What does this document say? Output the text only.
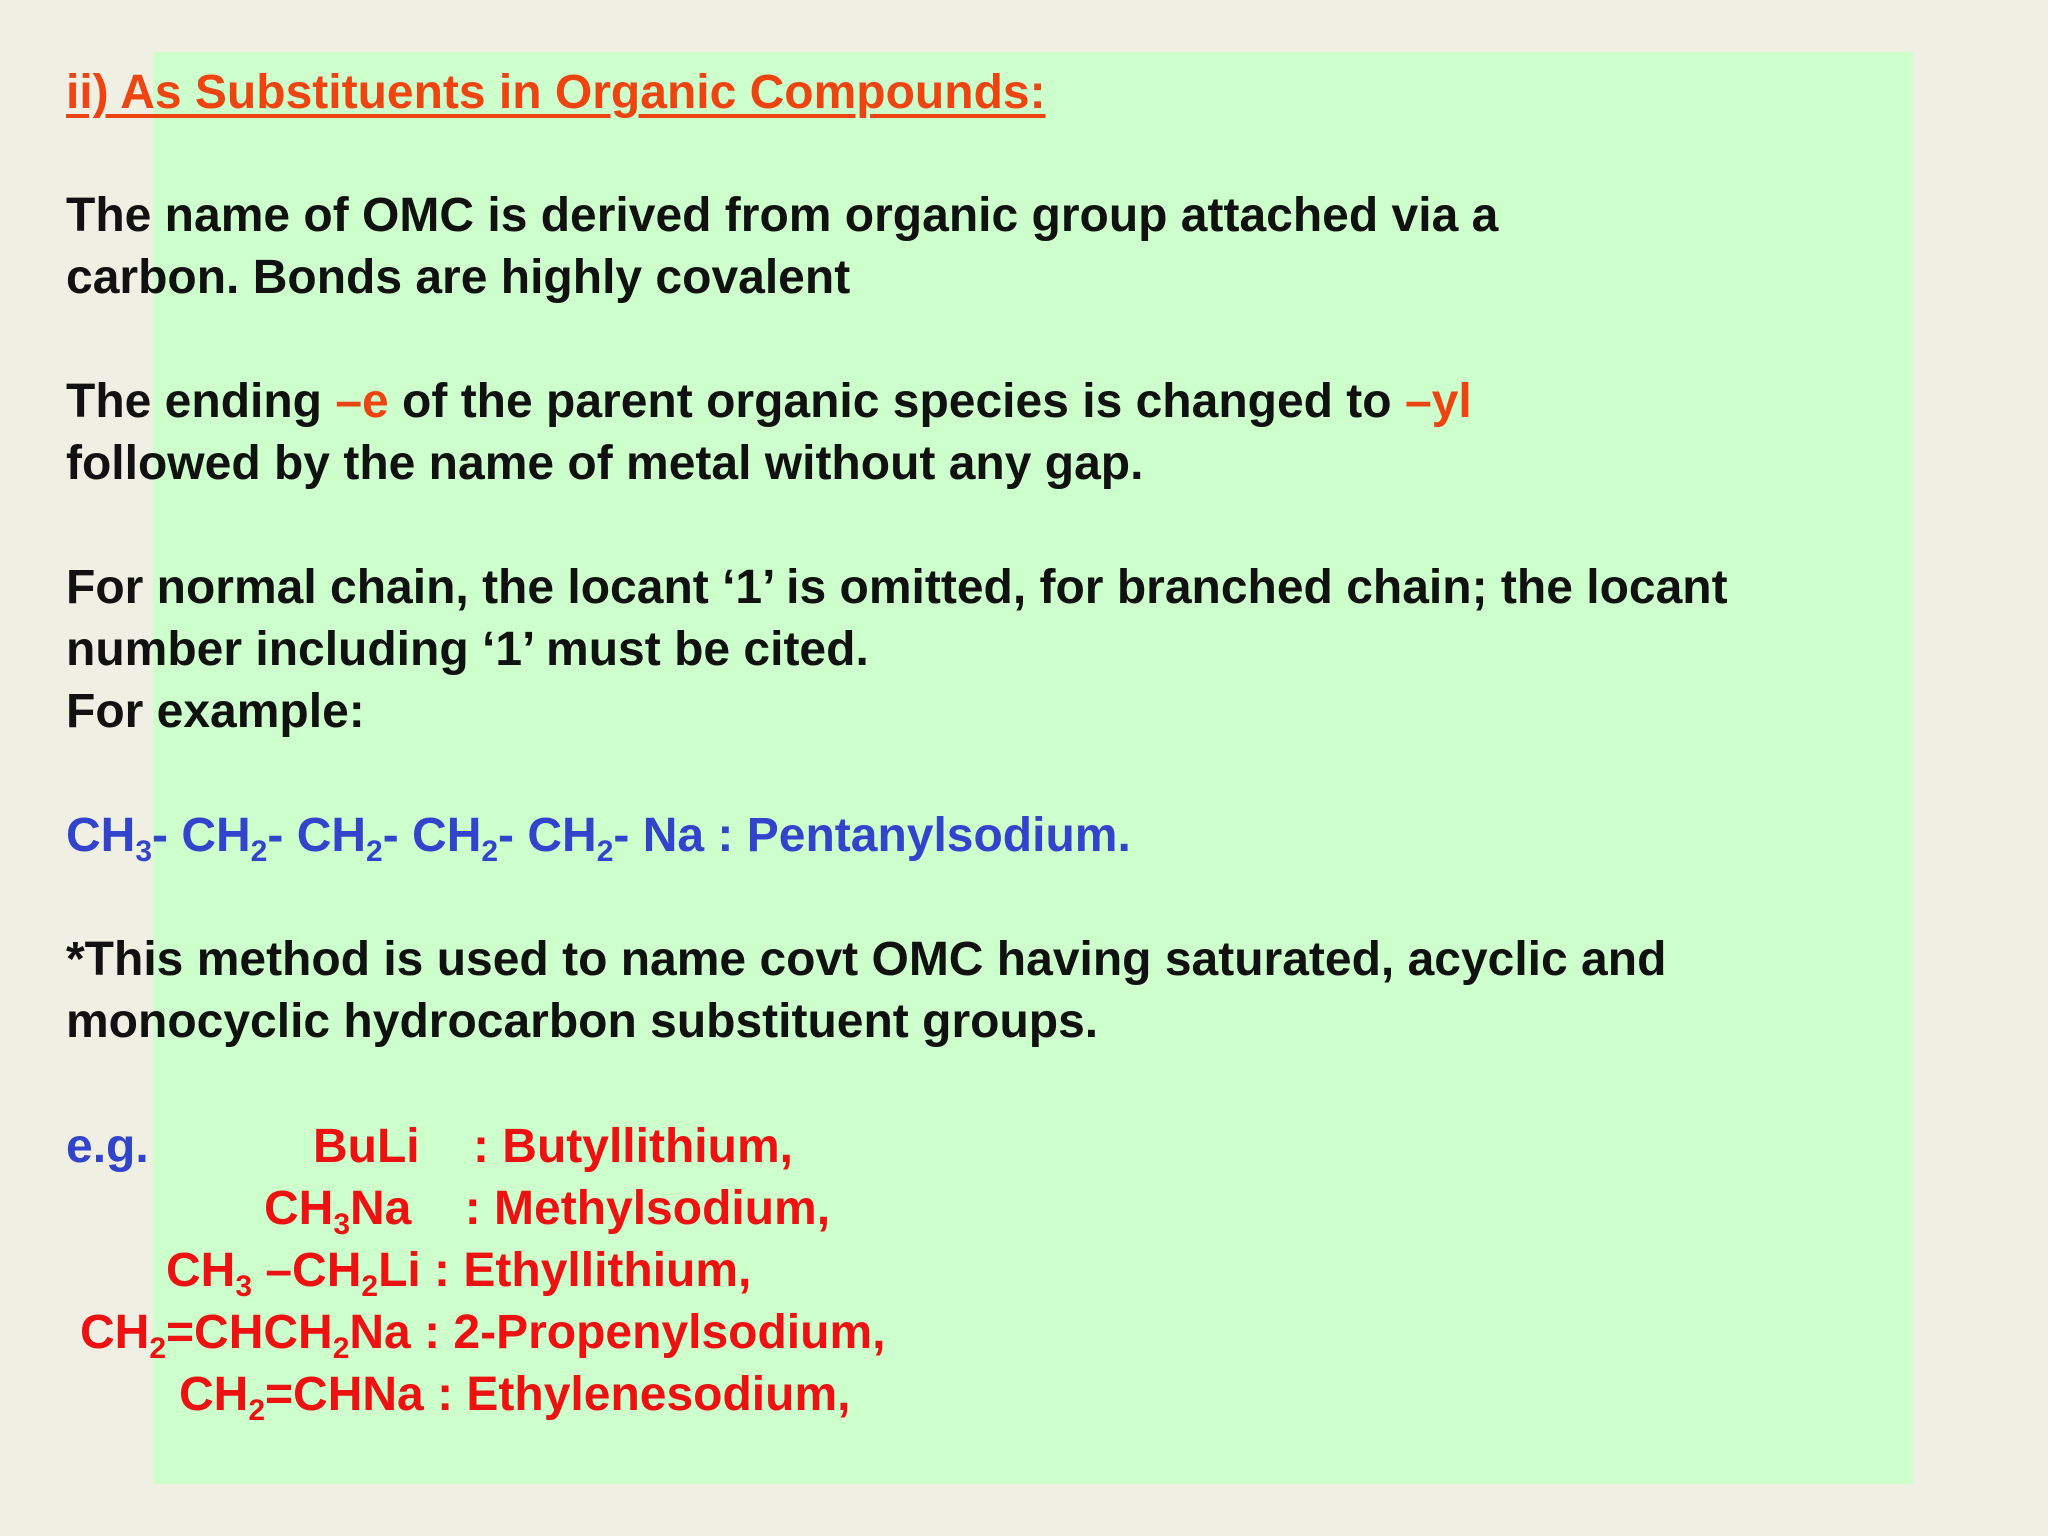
ii) As Substituents in Organic Compounds:
The name of OMC is derived from organic group attached via a
carbon. Bonds are highly covalent
The ending –e of the parent organic species is changed to –yl
followed by the name of metal without any gap.
For normal chain, the locant ‘1’ is omitted, for branched chain; the locant
number including ‘1’ must be cited.
For example:
$CH_3-$ $CH_2-$ $CH_2-$ $CH_2-$ $CH_2-$ Na : Pentanylsodium.
*This method is used to name covt OMC having saturated, acyclic and
monocyclic hydrocarbon substituent groups.
e.g.	BuLi    : Butyllithium,
$CH_3Na$    : Methylsodium,
$CH_3$ $-CH_2Li$ : Ethyllithium,
$CH_2=CHCH_2Na$ : 2-Propenylsodium,
$CH_2=CHNa$ : Ethylenesodium,
